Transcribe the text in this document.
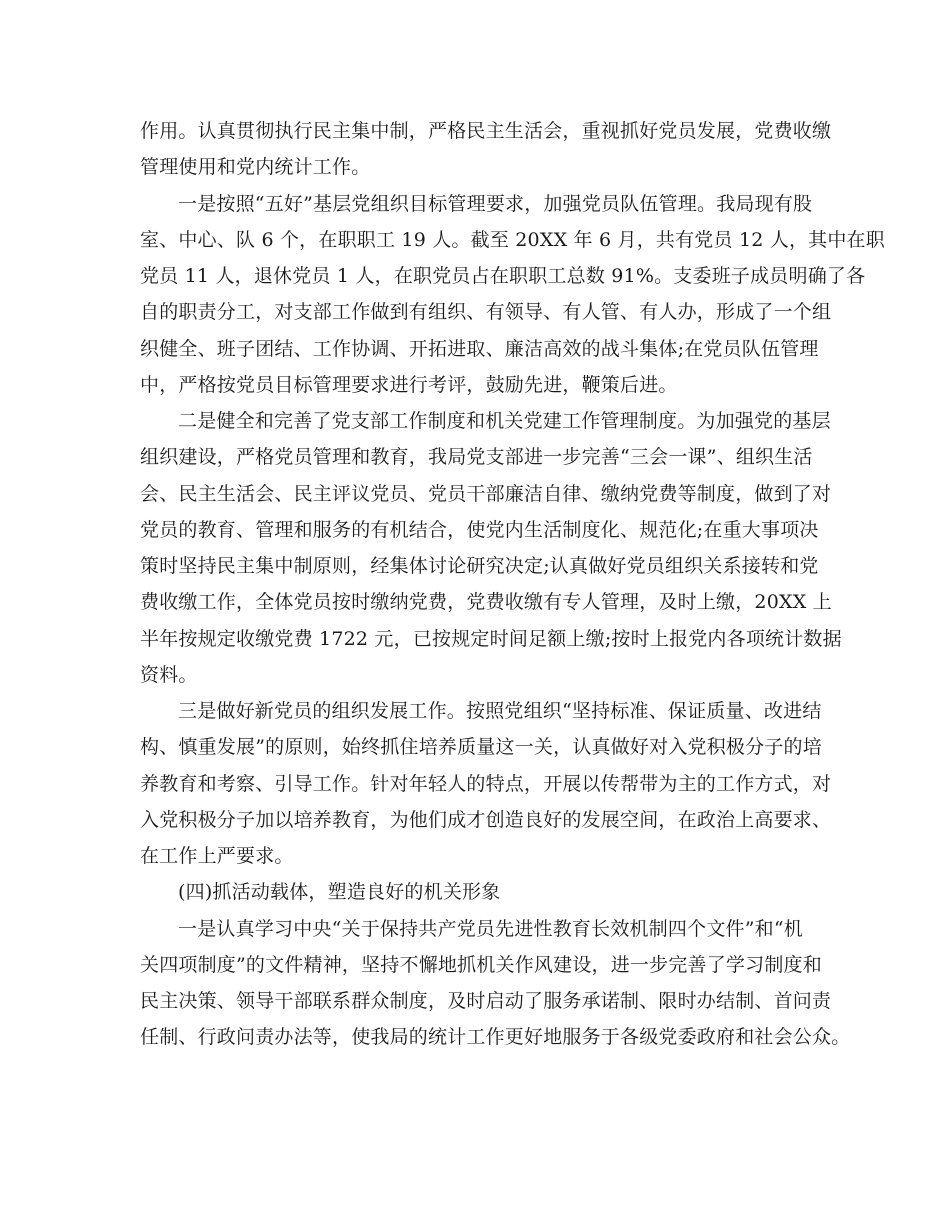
作用。认真贯彻执行民主集中制，严格民主生活会，重视抓好党员发展，党费收缴

管理使用和党内统计工作。

一是按照“五好”基层党组织目标管理要求，加强党员队伍管理。我局现有股

室、中心、队 6 个，在职职工 19 人。截至 20XX 年 6 月，共有党员 12 人，其中在职

党员 11 人，退休党员 1 人，在职党员占在职职工总数 91%。支委班子成员明确了各

自的职责分工，对支部工作做到有组织、有领导、有人管、有人办，形成了一个组

织健全、班子团结、工作协调、开拓进取、廉洁高效的战斗集体;在党员队伍管理

中，严格按党员目标管理要求进行考评，鼓励先进，鞭策后进。

二是健全和完善了党支部工作制度和机关党建工作管理制度。为加强党的基层

组织建设，严格党员管理和教育，我局党支部进一步完善“三会一课”、组织生活

会、民主生活会、民主评议党员、党员干部廉洁自律、缴纳党费等制度，做到了对

党员的教育、管理和服务的有机结合，使党内生活制度化、规范化;在重大事项决

策时坚持民主集中制原则，经集体讨论研究决定;认真做好党员组织关系接转和党

费收缴工作，全体党员按时缴纳党费，党费收缴有专人管理，及时上缴，20XX 上

半年按规定收缴党费 1722 元，已按规定时间足额上缴;按时上报党内各项统计数据

资料。

三是做好新党员的组织发展工作。按照党组织“坚持标准、保证质量、改进结

构、慎重发展”的原则，始终抓住培养质量这一关，认真做好对入党积极分子的培

养教育和考察、引导工作。针对年轻人的特点，开展以传帮带为主的工作方式，对

入党积极分子加以培养教育，为他们成才创造良好的发展空间，在政治上高要求、

在工作上严要求。

(四)抓活动载体，塑造良好的机关形象

一是认真学习中央“关于保持共产党员先进性教育长效机制四个文件”和“机

关四项制度”的文件精神，坚持不懈地抓机关作风建设，进一步完善了学习制度和

民主决策、领导干部联系群众制度，及时启动了服务承诺制、限时办结制、首问责

任制、行政问责办法等，使我局的统计工作更好地服务于各级党委政府和社会公众。
